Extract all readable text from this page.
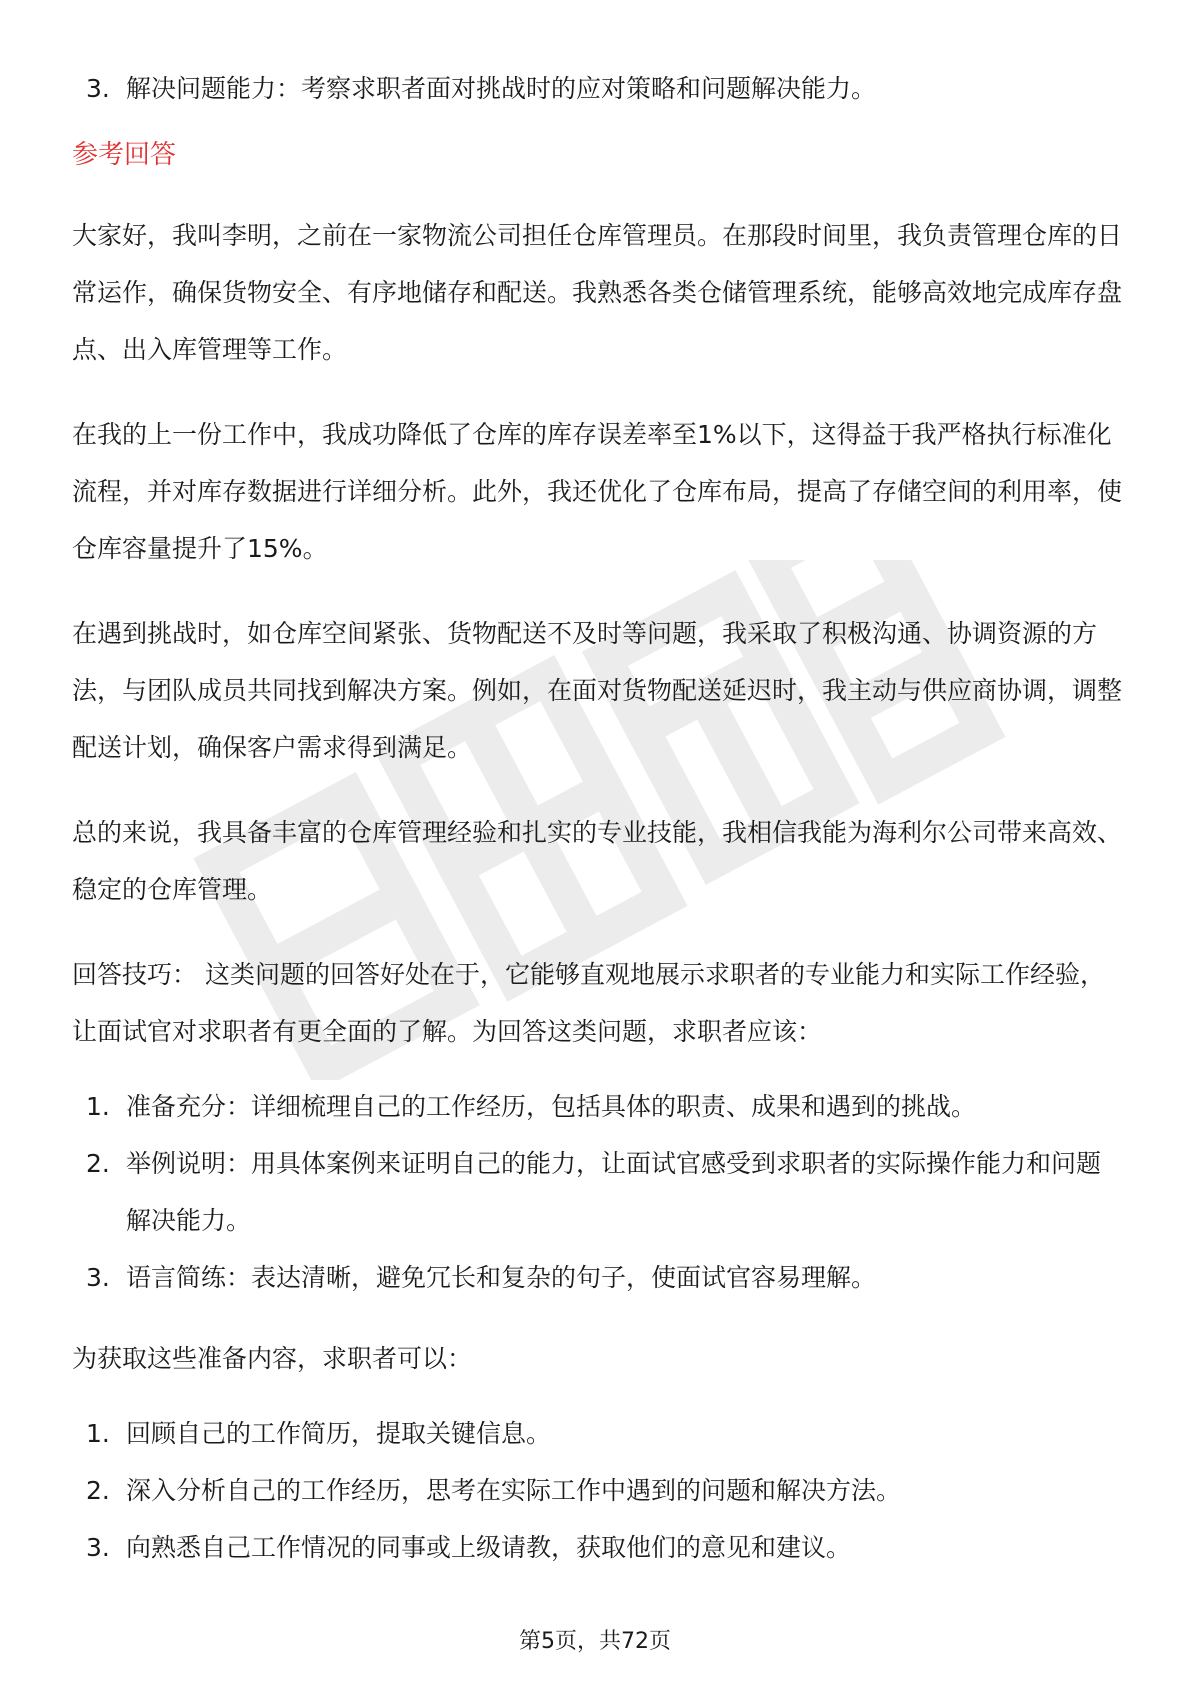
3. 解决问题能力：考察求职者面对挑战时的应对策略和问题解决能力。
参考回答

大家好，我叫李明，之前在一家物流公司担任仓库管理员。在那段时间里，我负责管理仓库的日常运作，确保货物安全、有序地储存和配送。我熟悉各类仓储管理系统，能够高效地完成库存盘点、出入库管理等工作。

在我的上一份工作中，我成功降低了仓库的库存误差率至1%以下，这得益于我严格执行标准化流程，并对库存数据进行详细分析。此外，我还优化了仓库布局，提高了存储空间的利用率，使仓库容量提升了15%。

在遇到挑战时，如仓库空间紧张、货物配送不及时等问题，我采取了积极沟通、协调资源的方法，与团队成员共同找到解决方案。例如，在面对货物配送延迟时，我主动与供应商协调，调整配送计划，确保客户需求得到满足。

总的来说，我具备丰富的仓库管理经验和扎实的专业技能，我相信我能为海利尔公司带来高效、稳定的仓库管理。

回答技巧： 这类问题的回答好处在于，它能够直观地展示求职者的专业能力和实际工作经验，让面试官对求职者有更全面的了解。为回答这类问题，求职者应该：

1. 准备充分：详细梳理自己的工作经历，包括具体的职责、成果和遇到的挑战。
2. 举例说明：用具体案例来证明自己的能力，让面试官感受到求职者的实际操作能力和问题解决能力。
3. 语言简练：表达清晰，避免冗长和复杂的句子，使面试官容易理解。

为获取这些准备内容，求职者可以：

1. 回顾自己的工作简历，提取关键信息。
2. 深入分析自己的工作经历，思考在实际工作中遇到的问题和解决方法。
3. 向熟悉自己工作情况的同事或上级请教，获取他们的意见和建议。
第5页，共72页
